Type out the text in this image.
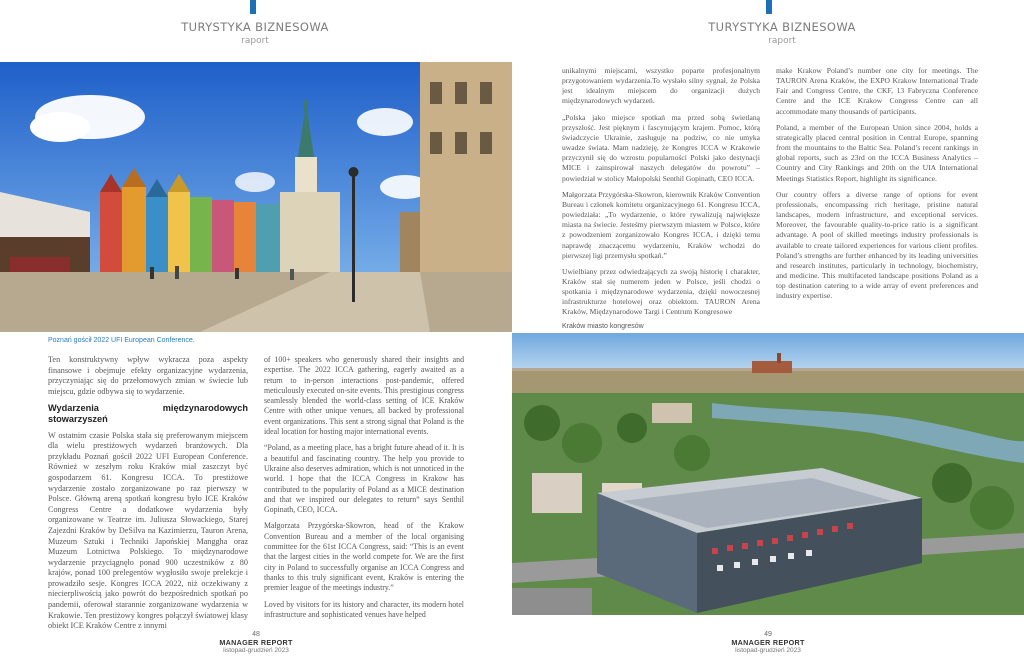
TURYSTYKA BIZNESOWA
raport
Poznań gościł 2022 UFI European Conference.

Ten konstruktywny wpływ wykracza poza aspekty finansowe i obejmuje efekty organizacyjne wydarzenia, przyczyniając się do przełomowych zmian w świecie lub miejscu, gdzie odbywa się to wydarzenie.

Wydarzenia międzynarodowych stowarzyszeń

W ostatnim czasie Polska stała się preferowanym miejscem dla wielu prestiżowych wydarzeń branżowych. Dla przykładu Poznań gościł 2022 UFI European Conference. Również w zeszłym roku Kraków miał zaszczyt być gospodarzem 61. Kongresu ICCA. To prestiżowe wydarzenie zostało zorganizowane po raz pierwszy w Polsce. Główną areną spotkań kongresu było ICE Kraków Congress Centre a dodatkowe wydarzenia były organizowane w Teatrze im. Juliusza Słowackiego, Starej Zajezdni Kraków by DeSilva na Kazimierzu, Tauron Arena, Muzeum Sztuki i Techniki Japońskiej Manggha oraz Muzeum Lotnictwa Polskiego. To międzynarodowe wydarzenie przyciągnęło ponad 900 uczestników z 80 krajów, ponad 100 prelegentów wygłosiło swoje prelekcje i prowadziło sesje. Kongres ICCA 2022, niż oczekiwany z niecierpliwością jako powrót do bezpośrednich spotkań po pandemii, oferował starannie zorganizowane wydarzenia w Krakowie. Ten prestiżowy kongres połączył światowej klasy obiekt ICE Kraków Centre z innymi

of 100+ speakers who generously shared their insights and expertise. The 2022 ICCA gathering, eagerly awaited as a return to in-person interactions post-pandemic, offered meticulously executed on-site events. This prestigious congress seamlessly blended the world-class setting of ICE Kraków Centre with other unique venues, all backed by professional event organizations. This sent a strong signal that Poland is the ideal location for hosting major international events.

“Poland, as a meeting place, has a bright future ahead of it. It is a beautiful and fascinating country. The help you provide to Ukraine also deserves admiration, which is not unnoticed in the world. I hope that the ICCA Congress in Krakow has contributed to the popularity of Poland as a MICE destination and that we inspired our delegates to return” says Senthil Gopinath, CEO, ICCA.

Małgorzata Przygórska-Skowron, head of the Krakow Convention Bureau and a member of the local organising committee for the 61st ICCA Congress, said: “This is an event that the largest cities in the world compete for. We are the first city in Poland to successfully organise an ICCA Congress and thanks to this truly significant event, Kraków is entering the premier league of the meetings industry.”

Loved by visitors for its history and character, its modern hotel infrastructure and sophisticated venues have helped

48
MANAGER REPORT
listopad-grudzień 2023
TURYSTYKA BIZNESOWA
raport

unikalnymi miejscami, wszystko poparte profesjonalnym przygotowaniem wydarzenia.To wysłało silny sygnał, że Polska jest idealnym miejscem do organizacji dużych międzynarodowych wydarzeń.

„Polska jako miejsce spotkań ma przed sobą świetlaną przyszłość. Jest pięknym i fascynującym krajem. Pomoc, którą świadczycie Ukrainie, zasługuje na podziw, co nie umyka uwadze świata. Mam nadzieję, że Kongres ICCA w Krakowie przyczynił się do wzrostu popularności Polski jako destynacji MICE i zainspirował naszych delegatów do powrotu” – powiedział w stolicy Małopolski Senthil Gopinath, CEO ICCA.

Małgorzata Przygórska-Skowron, kierownik Kraków Convention Bureau i członek komitetu organizacyjnego 61. Kongresu ICCA, powiedziała: „To wydarzenie, o które rywalizują największe miasta na świecie. Jesteśmy pierwszym miastem w Polsce, które z powodzeniem zorganizowało Kongres ICCA, i dzięki temu naprawdę znaczącemu wydarzeniu, Kraków wchodzi do pierwszej ligi przemysłu spotkań.”

Uwielbiany przez odwiedzających za swoją historię i charakter, Kraków stał się numerem jeden w Polsce, jeśli chodzi o spotkania i międzynarodowe wydarzenia, dzięki nowoczesnej infrastrukturze hotelowej oraz obiektom. TAURON Arena Kraków, Międzynarodowe Targi i Centrum Kongresowe

make Krakow Poland’s number one city for meetings. The TAURON Arena Kraków, the EXPO Krakow International Trade Fair and Congress Centre, the CKF, 13 Fabryczna Conference Centre and the ICE Krakow Congress Centre can all accommodate many thousands of participants.

Poland, a member of the European Union since 2004, holds a strategically placed central position in Central Europe, spanning from the mountains to the Baltic Sea. Poland’s recent rankings in global reports, such as 23rd on the ICCA Business Analytics – Country and City Rankings and 20th on the UIA International Meetings Statistics Report, highlight its significance.

Our country offers a diverse range of options for event professionals, encompassing rich heritage, pristine natural landscapes, modern infrastructure, and exceptional services. Moreover, the favourable quality-to-price ratio is a significant advantage. A pool of skilled meetings industry professionals is available to create tailored experiences for various client profiles. Poland’s strengths are further enhanced by its leading universities and research institutes, particularly in technology, biochemistry, and medicine. This multifaceted landscape positions Poland as a top destination catering to a wide array of event preferences and industry expertise.

Kraków miasto kongresów
49
MANAGER REPORT
listopad-grudzień 2023
